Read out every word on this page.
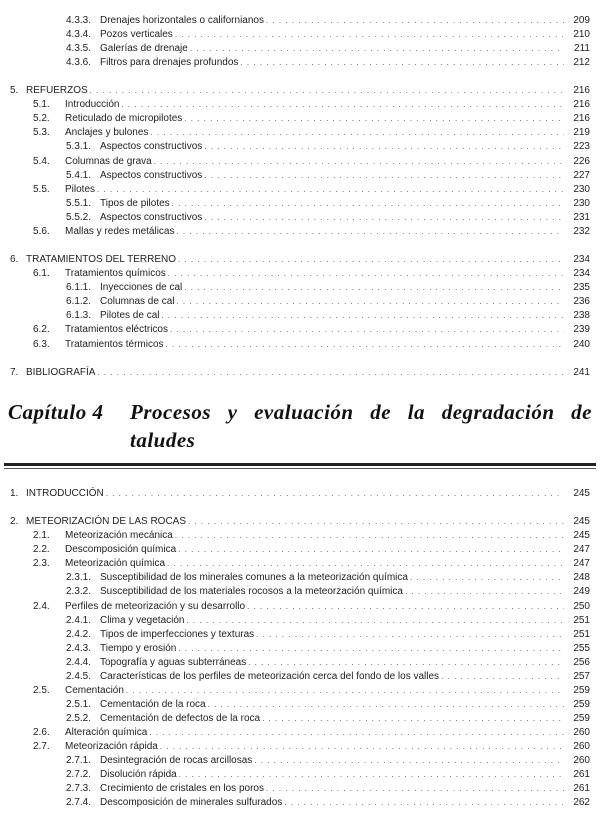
4.3.3. Drenajes horizontales o californianos . . .	209
4.3.4. Pozos verticales . . .	210
4.3.5. Galerías de drenaje . . .	211
4.3.6. Filtros para drenajes profundos . . .	212
5. REFUERZOS . . .	216
5.1.	Introducción . . .	216
5.2.	Reticulado de micropilotes . . .	216
5.3.	Anclajes y bulones . . .	219
5.3.1. Aspectos constructivos . . .	223
5.4.	Columnas de grava . . .	226
5.4.1. Aspectos constructivos . . .	227
5.5.	Pilotes . . .	230
5.5.1. Tipos de pilotes . . .	230
5.5.2. Aspectos constructivos . . .	231
5.6.	Mallas y redes metálicas . . .	232
6. TRATAMIENTOS DEL TERRENO . . .	234
6.1.	Tratamientos químicos . . .	234
6.1.1. Inyecciones de cal . . .	235
6.1.2. Columnas de cal . . .	236
6.1.3. Pilotes de cal . . .	238
6.2.	Tratamientos eléctricos . . .	239
6.3.	Tratamientos térmicos . . .	240
7. BIBLIOGRAFÍA . . .	241
Capítulo 4 Procesos y evaluación de la degradación de
taludes
1. INTRODUCCIÓN . . .	245
2. METEORIZACIÓN DE LAS ROCAS . . .	245
2.1.	Meteorización mecánica . . .	245
2.2.	Descomposición química . . .	247
2.3.	Meteorización química . . .	247
2.3.1. Susceptibilidad de los minerales comunes a la meteorización química . . .	248
2.3.2. Susceptibilidad de los materiales rocosos a la meteorzación química . . .	249
2.4.	Perfiles de meteorización y su desarrollo . . .	250
2.4.1. Clima y vegetación . . .	251
2.4.2. Tipos de imperfecciones y texturas . . .	251
2.4.3. Tiempo y erosión . . .	255
2.4.4. Topografía y aguas subterráneas . . .	256
2.4.5. Características de los perfiles de meteorización cerca del fondo de los valles . . .	257
2.5.	Cementación . . .	259
2.5.1. Cementación de la roca . . .	259
2.5.2. Cementación de defectos de la roca . . .	259
2.6.	Alteración química . . .	260
2.7.	Meteorización rápida . . .	260
2.7.1. Desintegración de rocas arcillosas . . .	260
2.7.2. Disolución rápida . . .	261
2.7.3. Crecimiento de cristales en los poros . . .	261
2.7.4. Descomposición de minerales sulfurados . . .	262
